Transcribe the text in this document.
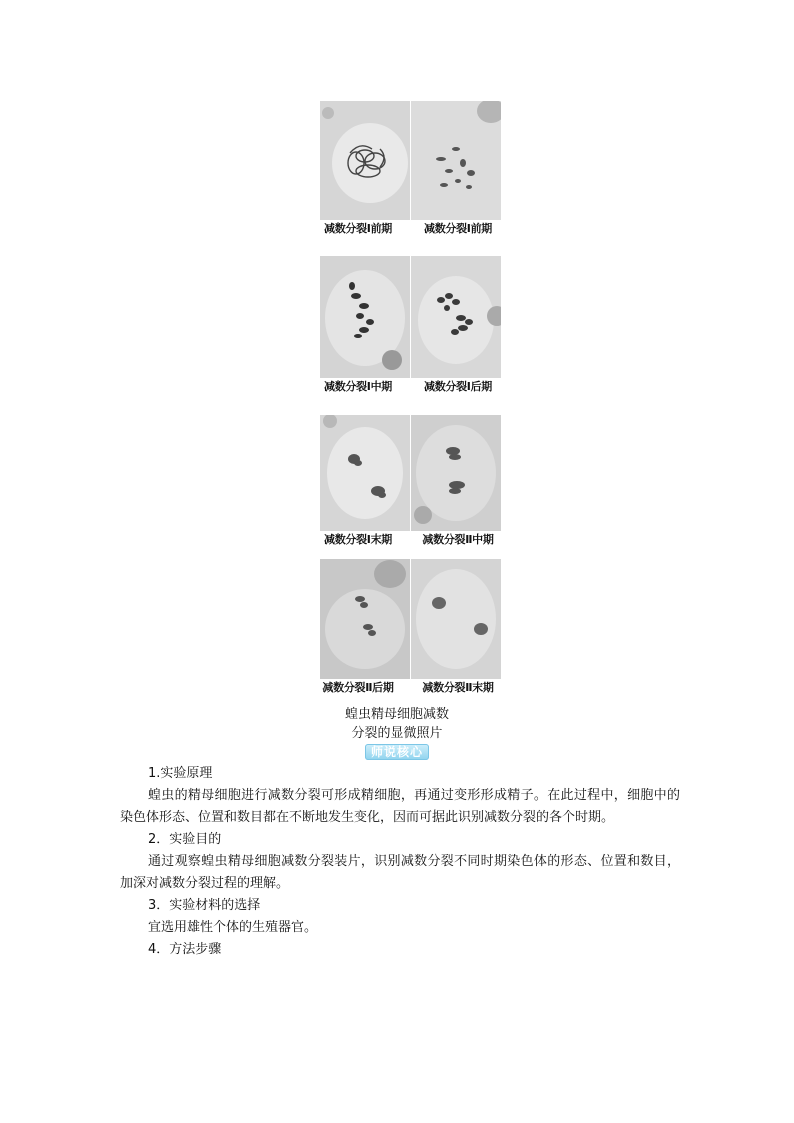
减数分裂Ⅰ前期	减数分裂Ⅰ前期
减数分裂Ⅰ中期	减数分裂Ⅰ后期
减数分裂Ⅰ末期	减数分裂Ⅱ中期
减数分裂Ⅱ后期	减数分裂Ⅱ末期
蝗虫精母细胞减数
分裂的显微照片
师说核心
1.实验原理
蝗虫的精母细胞进行减数分裂可形成精细胞，再通过变形形成精子。在此过程中，细胞中的染色体形态、位置和数目都在不断地发生变化，因而可据此识别减数分裂的各个时期。
2．实验目的
通过观察蝗虫精母细胞减数分裂装片，识别减数分裂不同时期染色体的形态、位置和数目，加深对减数分裂过程的理解。
3．实验材料的选择
宜选用雄性个体的生殖器官。
4．方法步骤
